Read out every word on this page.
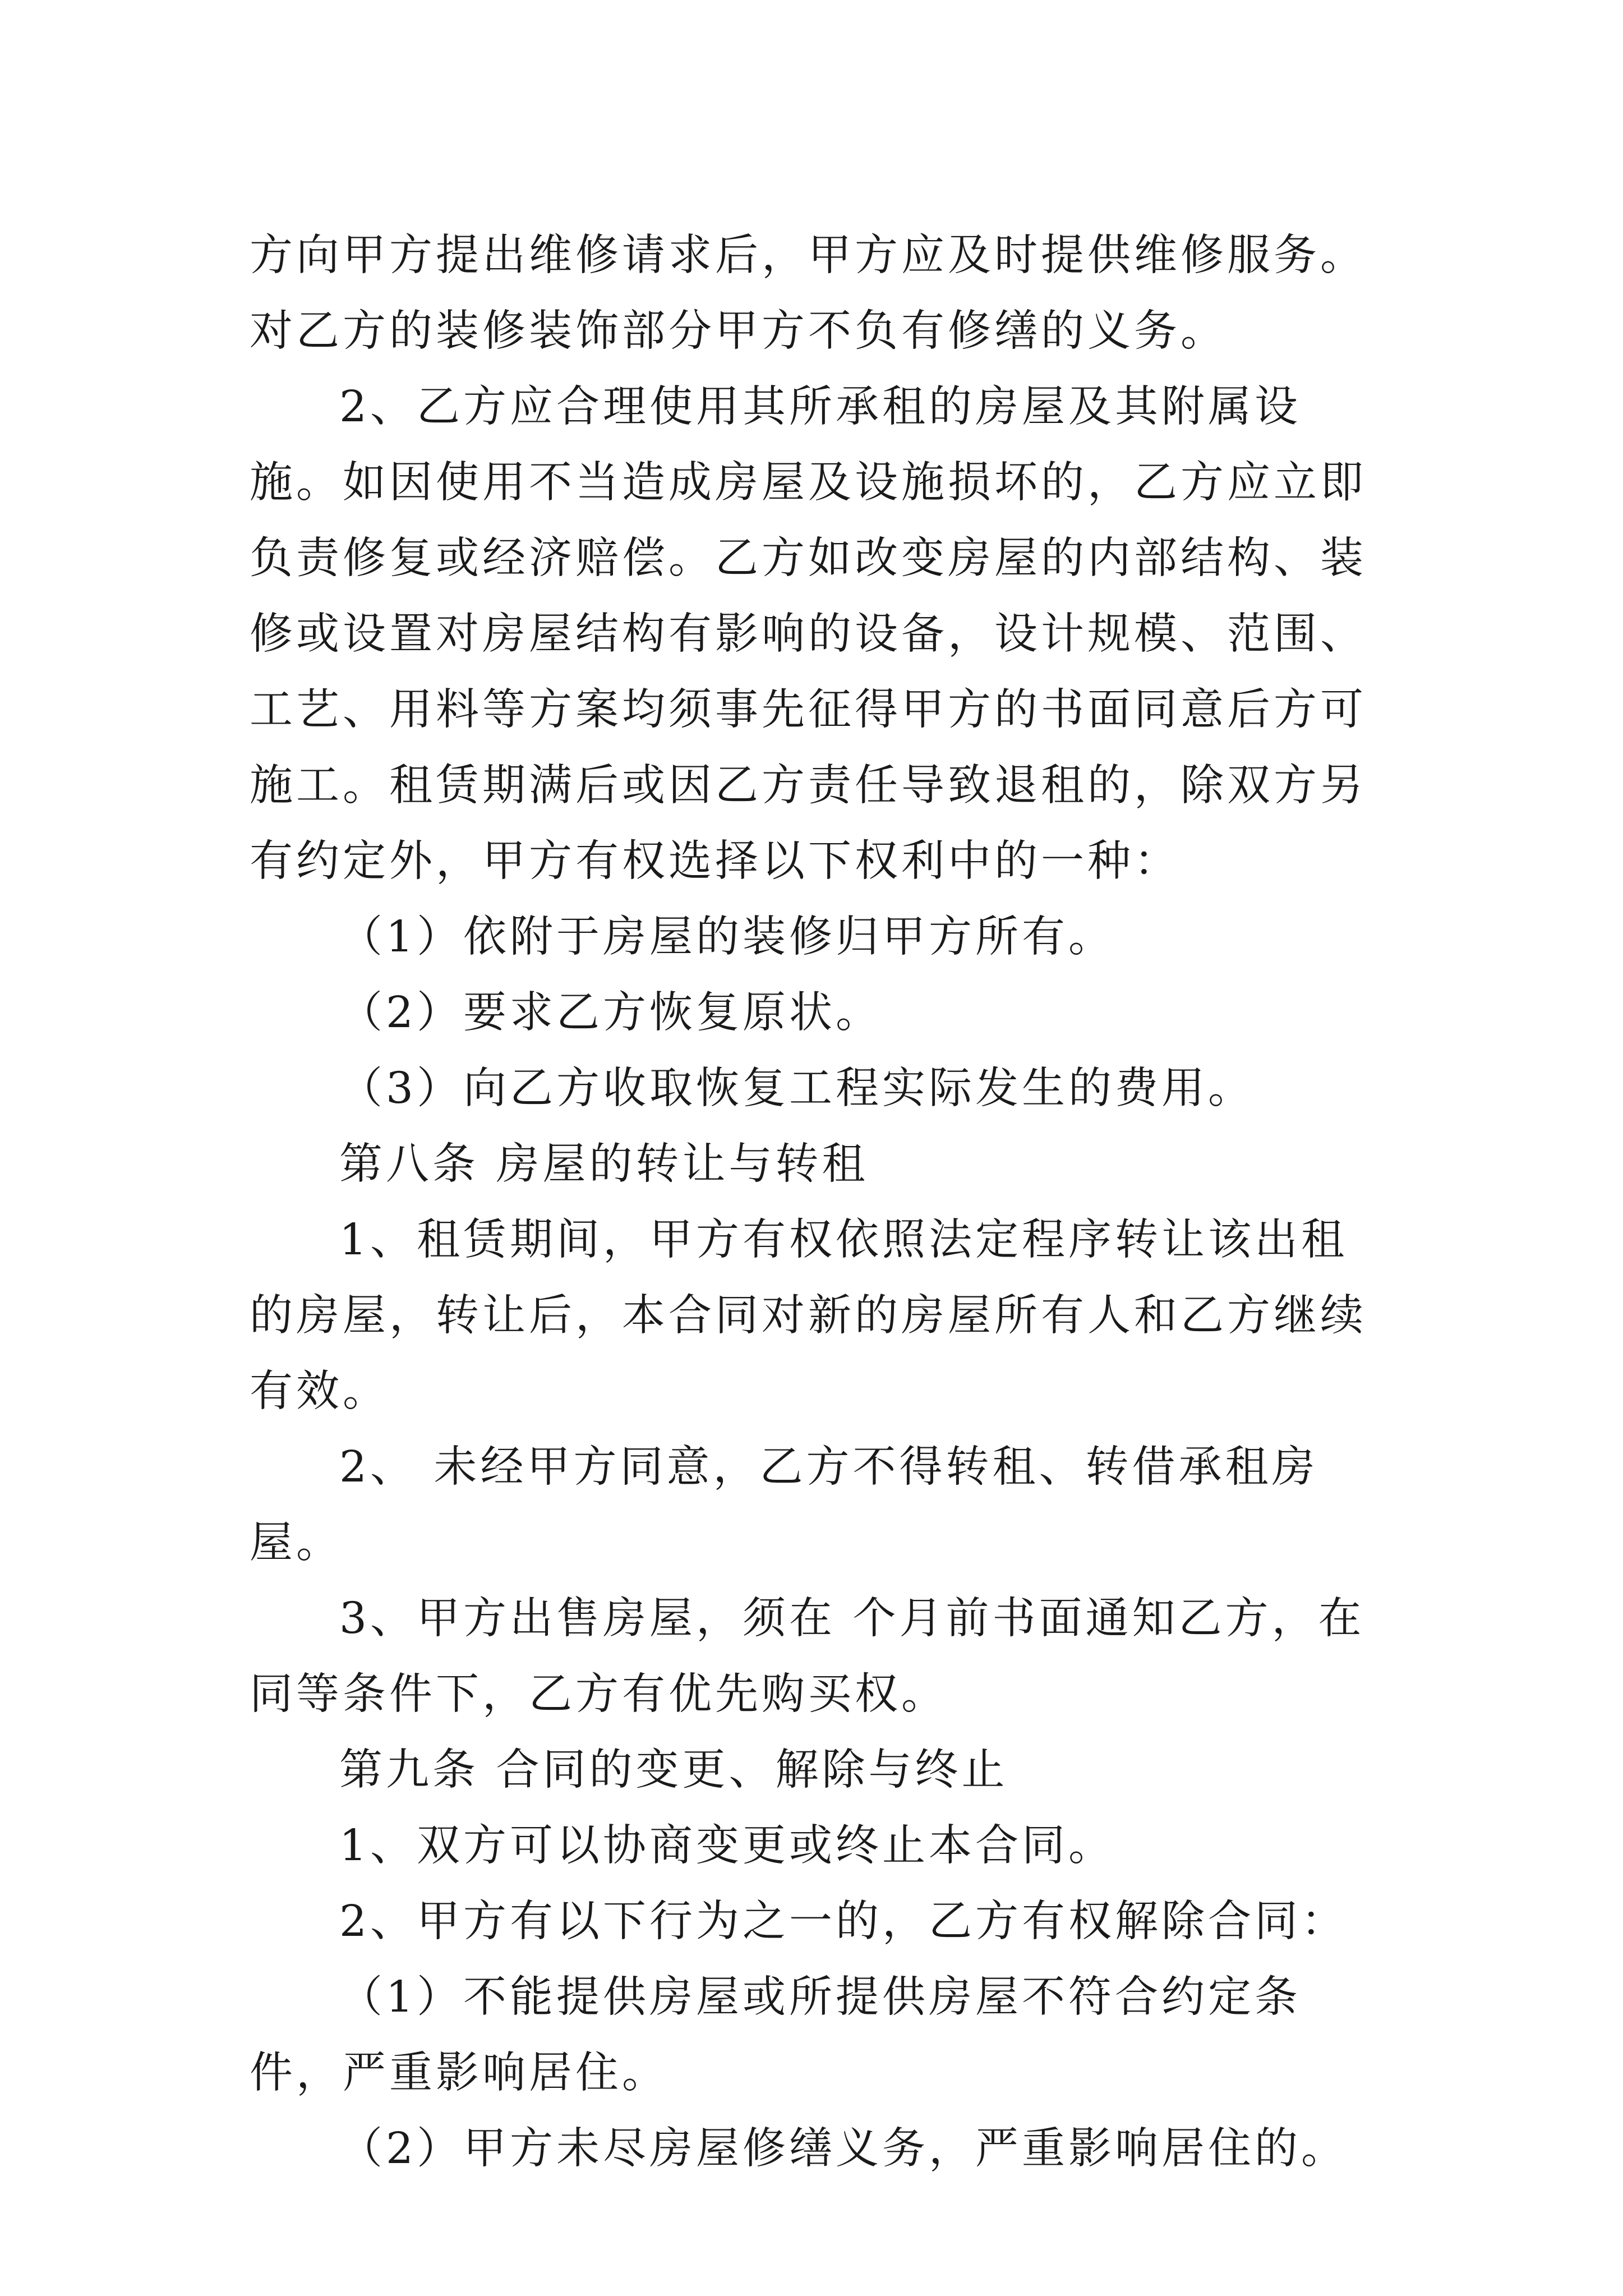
方向甲方提出维修请求后，甲方应及时提供维修服务。对乙方的装修装饰部分甲方不负有修缮的义务。

2、乙方应合理使用其所承租的房屋及其附属设施。如因使用不当造成房屋及设施损坏的，乙方应立即负责修复或经济赔偿。乙方如改变房屋的内部结构、装修或设置对房屋结构有影响的设备，设计规模、范围、工艺、用料等方案均须事先征得甲方的书面同意后方可施工。租赁期满后或因乙方责任导致退租的，除双方另有约定外，甲方有权选择以下权利中的一种：

（1）依附于房屋的装修归甲方所有。

（2）要求乙方恢复原状。

（3）向乙方收取恢复工程实际发生的费用。

第八条 房屋的转让与转租

1、租赁期间，甲方有权依照法定程序转让该出租的房屋，转让后，本合同对新的房屋所有人和乙方继续有效。

2、 未经甲方同意，乙方不得转租、转借承租房屋。

3、甲方出售房屋，须在 个月前书面通知乙方，在同等条件下，乙方有优先购买权。

第九条 合同的变更、解除与终止

1、双方可以协商变更或终止本合同。

2、甲方有以下行为之一的，乙方有权解除合同：

（1）不能提供房屋或所提供房屋不符合约定条件，严重影响居住。

（2）甲方未尽房屋修缮义务，严重影响居住的。
